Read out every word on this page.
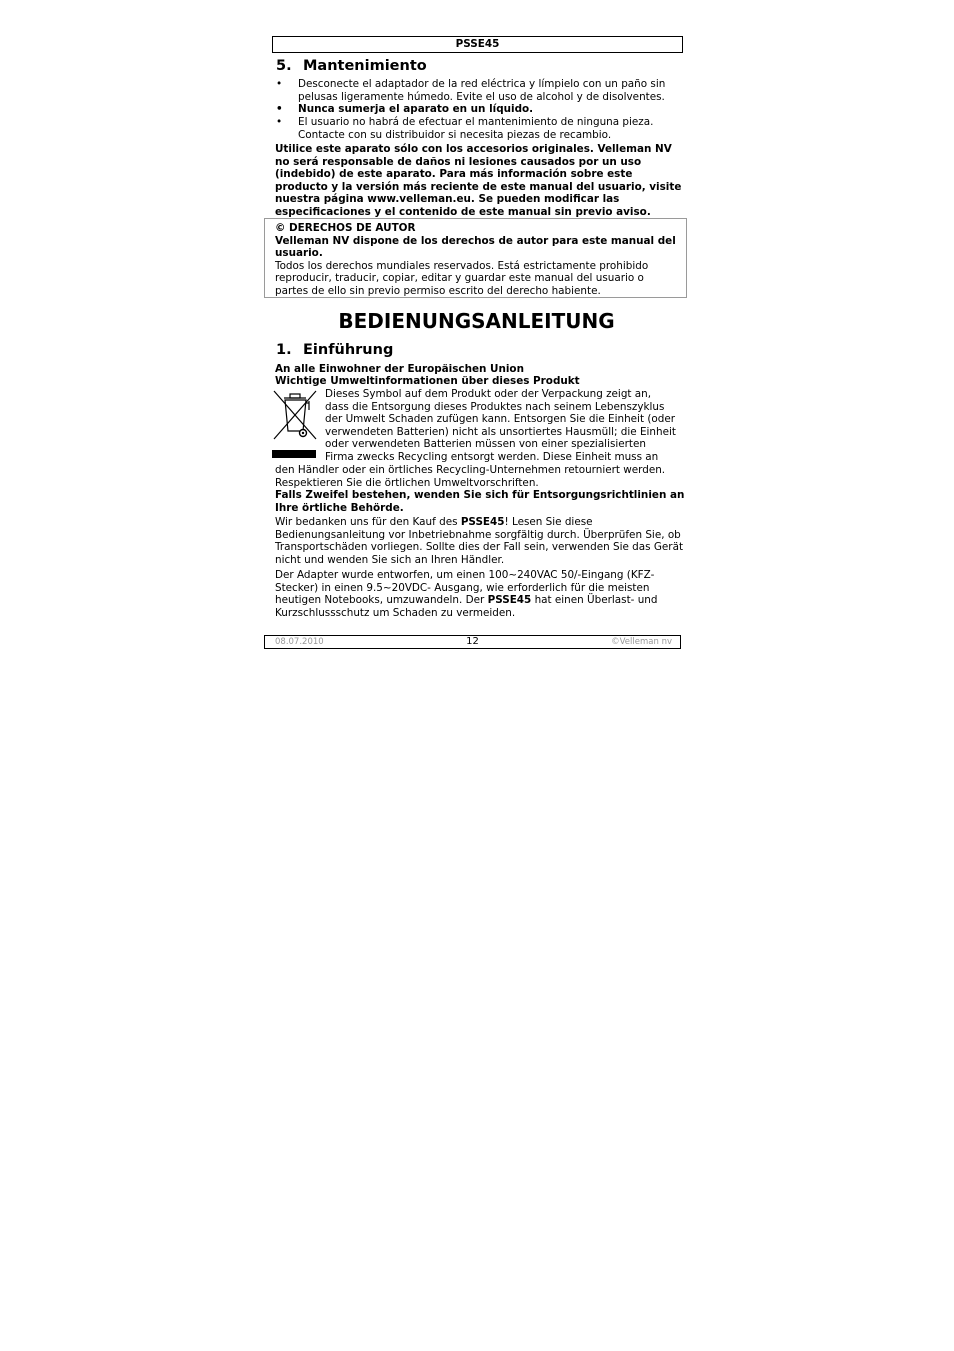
PSSE45
5. Mantenimiento
• Desconecte el adaptador de la red eléctrica y límpielo con un paño sin pelusas ligeramente húmedo. Evite el uso de alcohol y de disolventes.
• Nunca sumerja el aparato en un líquido.
• El usuario no habrá de efectuar el mantenimiento de ninguna pieza. Contacte con su distribuidor si necesita piezas de recambio.
Utilice este aparato sólo con los accesorios originales. Velleman NV no será responsable de daños ni lesiones causados por un uso (indebido) de este aparato. Para más información sobre este producto y la versión más reciente de este manual del usuario, visite nuestra página www.velleman.eu. Se pueden modificar las especificaciones y el contenido de este manual sin previo aviso.
© DERECHOS DE AUTOR
Velleman NV dispone de los derechos de autor para este manual del usuario.
Todos los derechos mundiales reservados. Está estrictamente prohibido reproducir, traducir, copiar, editar y guardar este manual del usuario o partes de ello sin previo permiso escrito del derecho habiente.
BEDIENUNGSANLEITUNG
1. Einführung
An alle Einwohner der Europäischen Union
Wichtige Umweltinformationen über dieses Produkt
Dieses Symbol auf dem Produkt oder der Verpackung zeigt an,
dass die Entsorgung dieses Produktes nach seinem Lebenszyklus
der Umwelt Schaden zufügen kann. Entsorgen Sie die Einheit (oder
verwendeten Batterien) nicht als unsortiertes Hausmüll; die Einheit
oder verwendeten Batterien müssen von einer spezialisierten
Firma zwecks Recycling entsorgt werden. Diese Einheit muss an
den Händler oder ein örtliches Recycling-Unternehmen retourniert werden. Respektieren Sie die örtlichen Umweltvorschriften.
Falls Zweifel bestehen, wenden Sie sich für Entsorgungsrichtlinien an Ihre örtliche Behörde.
Wir bedanken uns für den Kauf des PSSE45! Lesen Sie diese Bedienungsanleitung vor Inbetriebnahme sorgfältig durch. Überprüfen Sie, ob Transportschäden vorliegen. Sollte dies der Fall sein, verwenden Sie das Gerät nicht und wenden Sie sich an Ihren Händler.
Der Adapter wurde entworfen, um einen 100~240VAC 50/-Eingang (KFZ-Stecker) in einen 9.5~20VDC- Ausgang, wie erforderlich für die meisten heutigen Notebooks, umzuwandeln. Der PSSE45 hat einen Überlast- und Kurzschlussschutz um Schaden zu vermeiden.
08.07.2010	12	©Velleman nv
